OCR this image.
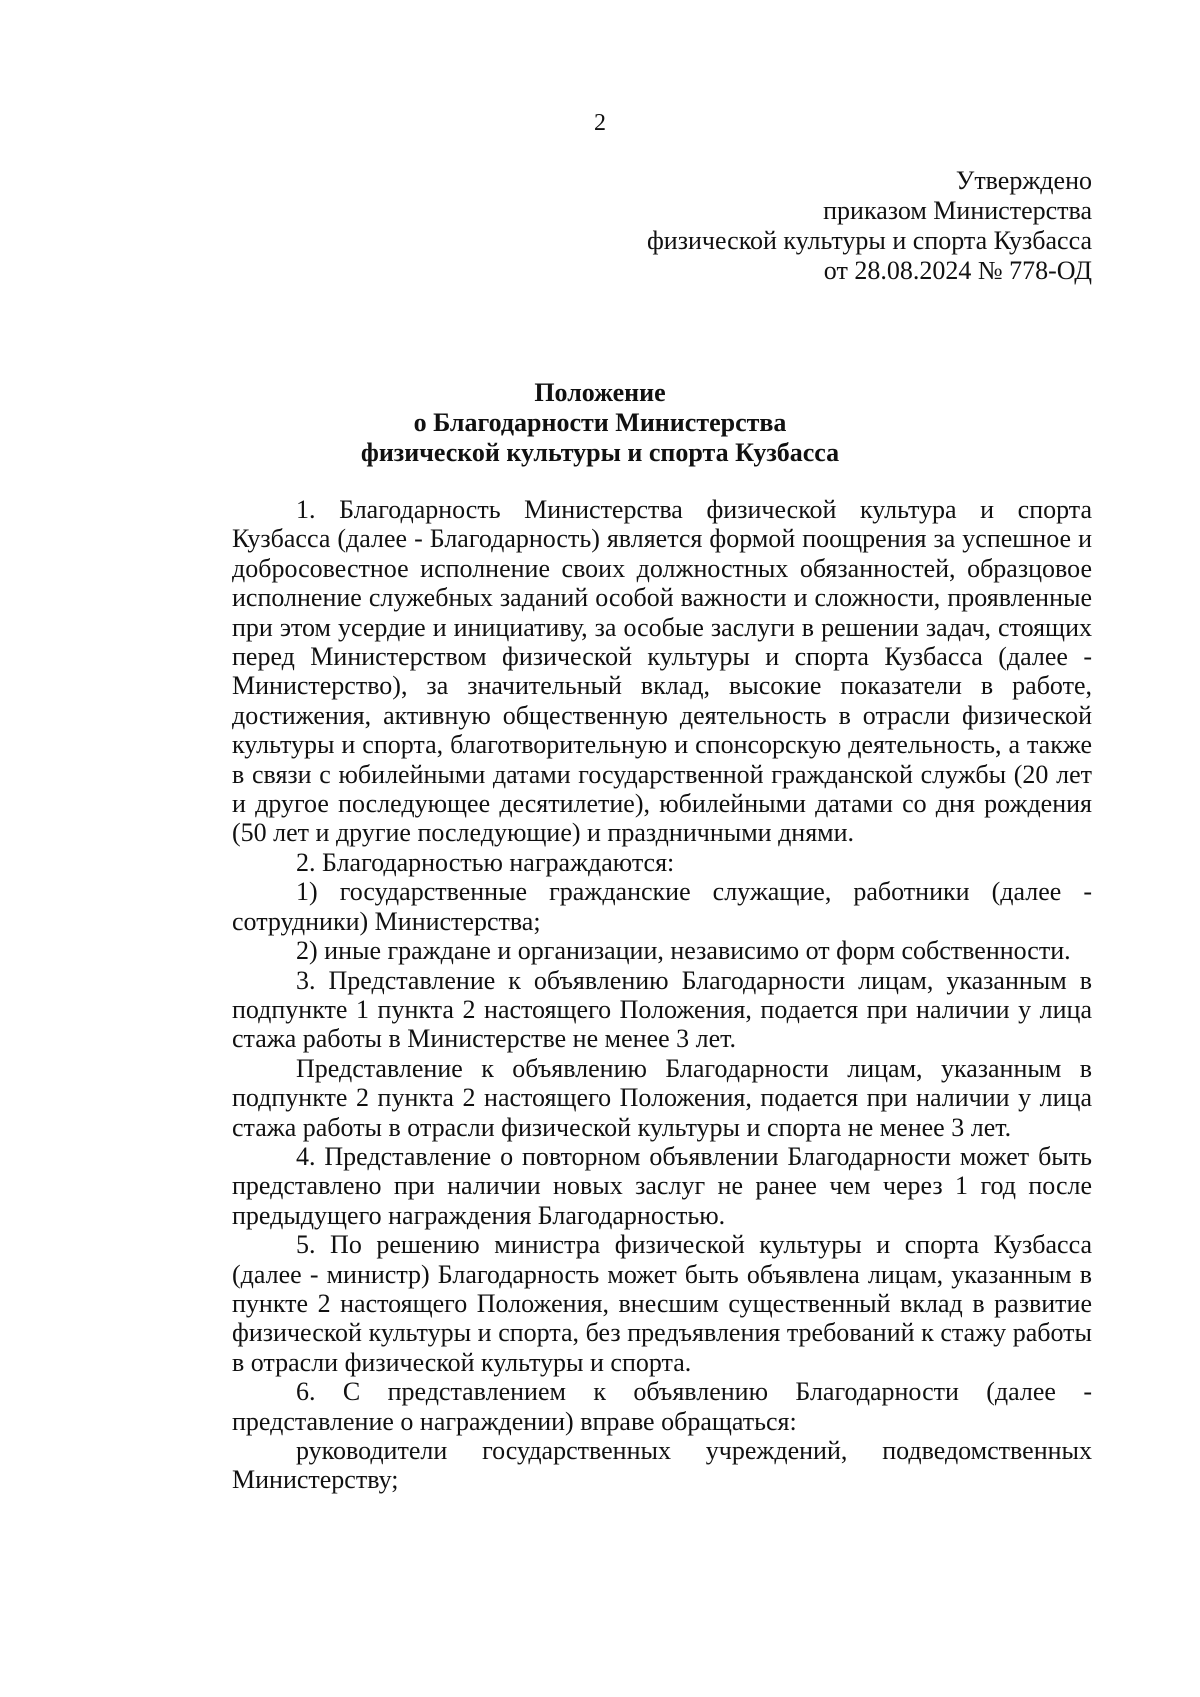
2
Утверждено
приказом Министерства
физической культуры и спорта Кузбасса
от 28.08.2024 № 778-ОД
Положение
о Благодарности Министерства
физической культуры и спорта Кузбасса

1. Благодарность Министерства физической культура и спорта Кузбасса (далее - Благодарность) является формой поощрения за успешное и добросовестное исполнение своих должностных обязанностей, образцовое исполнение служебных заданий особой важности и сложности, проявленные при этом усердие и инициативу, за особые заслуги в решении задач, стоящих перед Министерством физической культуры и спорта Кузбасса (далее - Министерство), за значительный вклад, высокие показатели в работе, достижения, активную общественную деятельность в отрасли физической культуры и спорта, благотворительную и спонсорскую деятельность, а также в связи с юбилейными датами государственной гражданской службы (20 лет и другое последующее десятилетие), юбилейными датами со дня рождения (50 лет и другие последующие) и праздничными днями.

2. Благодарностью награждаются:

1) государственные гражданские служащие, работники (далее - сотрудники) Министерства;

2) иные граждане и организации, независимо от форм собственности.

3. Представление к объявлению Благодарности лицам, указанным в подпункте 1 пункта 2 настоящего Положения, подается при наличии у лица стажа работы в Министерстве не менее 3 лет.

Представление к объявлению Благодарности лицам, указанным в подпункте 2 пункта 2 настоящего Положения, подается при наличии у лица стажа работы в отрасли физической культуры и спорта не менее 3 лет.

4. Представление о повторном объявлении Благодарности может быть представлено при наличии новых заслуг не ранее чем через 1 год после предыдущего награждения Благодарностью.

5. По решению министра физической культуры и спорта Кузбасса (далее - министр) Благодарность может быть объявлена лицам, указанным в пункте 2 настоящего Положения, внесшим существенный вклад в развитие физической культуры и спорта, без предъявления требований к стажу работы в отрасли физической культуры и спорта.

6. С представлением к объявлению Благодарности (далее - представление о награждении) вправе обращаться:

руководители государственных учреждений, подведомственных Министерству;
